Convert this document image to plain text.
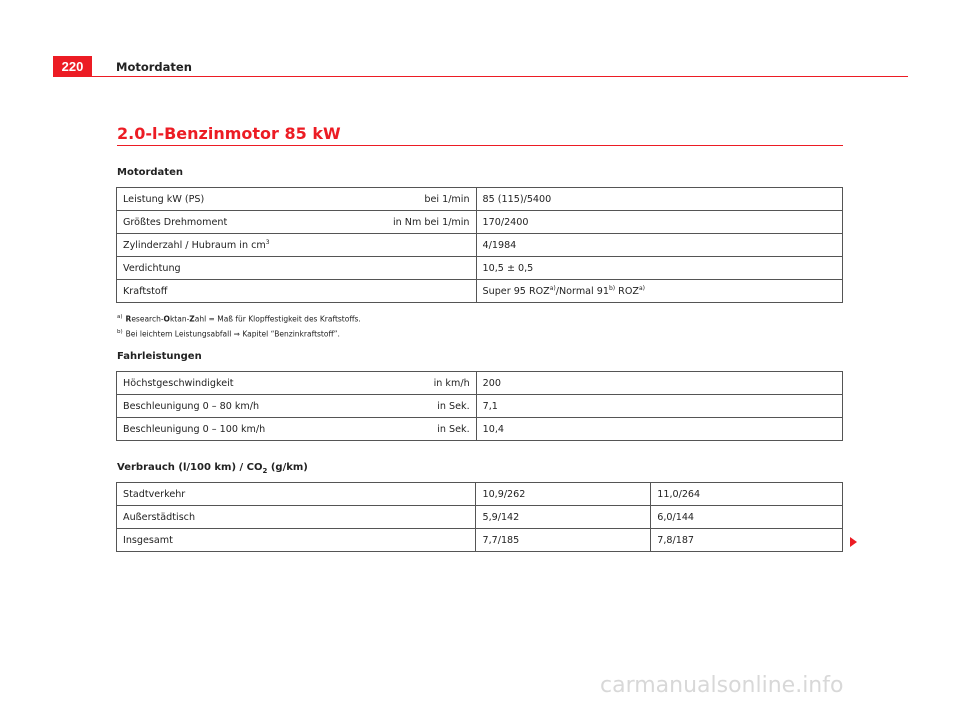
220	Motordaten
2.0-l-Benzinmotor 85 kW
Motordaten
Leistung kW (PS) bei 1/min	85 (115)/5400

Größtes Drehmoment in Nm bei 1/min	170/2400

Zylinderzahl / Hubraum in cm$^3$	4/1984

Verdichtung	10,5 ± 0,5

Kraftstoff	Super 95 ROZ$^{a)}$/Normal 91$^{b)}$ ROZ$^{a)}$
$^{a)}$ Research-Oktan-Zahl = Maß für Klopffestigkeit des Kraftstoffs.
$^{b)}$ Bei leichtem Leistungsabfall ⇒ Kapitel “Benzinkraftstoff”.
Fahrleistungen
Höchstgeschwindigkeit in km/h	200

Beschleunigung 0 – 80 km/h in Sek.	7,1

Beschleunigung 0 – 100 km/h in Sek.	10,4
Verbrauch (l/100 $km) / CO_2$ (g/km)
Stadtverkehr	10,9/262	11,0/264
Außerstädtisch	5,9/142	6,0/144
Insgesamt	7,7/185	7,8/187
carmanualsonline.info
